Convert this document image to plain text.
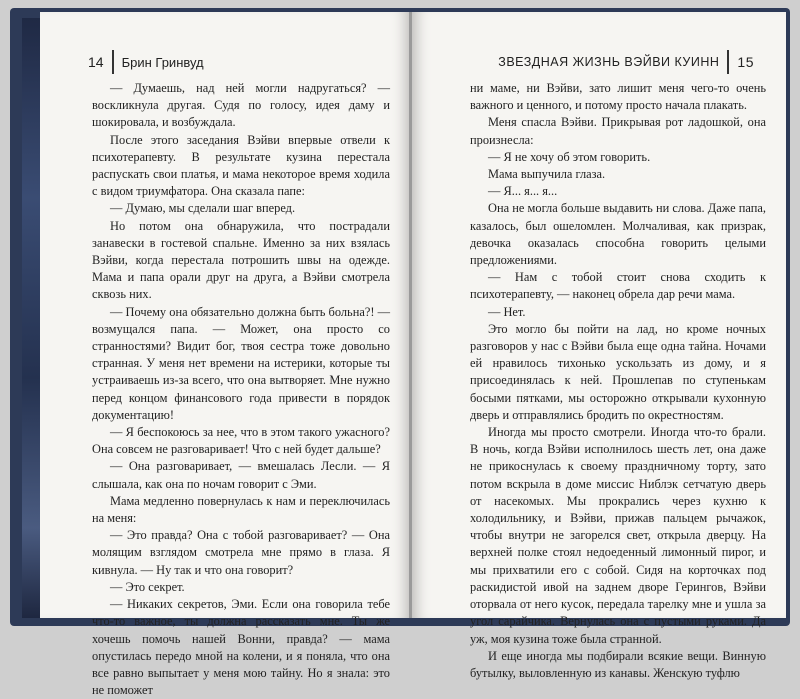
14 Брин Гринвуд

— Думаешь, над ней могли надругаться? — воскликнула другая. Судя по голосу, идея даму и шокировала, и возбуждала.

После этого заседания Вэйви впервые отвели к психотерапевту. В результате кузина перестала распускать свои платья, и мама некоторое время ходила с видом триумфатора. Она сказала папе:

— Думаю, мы сделали шаг вперед.

Но потом она обнаружила, что пострадали занавески в гостевой спальне. Именно за них взялась Вэйви, когда перестала потрошить швы на одежде. Мама и папа орали друг на друга, а Вэйви смотрела сквозь них.

— Почему она обязательно должна быть больна?! — возмущался папа. — Может, она просто со странностями? Видит бог, твоя сестра тоже довольно странная. У меня нет времени на истерики, которые ты устраиваешь из-за всего, что она вытворяет. Мне нужно перед концом финансового года привести в порядок документацию!

— Я беспокоюсь за нее, что в этом такого ужасного? Она совсем не разговаривает! Что с ней будет дальше?

— Она разговаривает, — вмешалась Лесли. — Я слышала, как она по ночам говорит с Эми.

Мама медленно повернулась к нам и переключилась на меня:

— Это правда? Она с тобой разговаривает? — Она молящим взглядом смотрела мне прямо в глаза. Я кивнула. — Ну так и что она говорит?

— Это секрет.

— Никаких секретов, Эми. Если она говорила тебе что-то важное, ты должна рассказать мне. Ты же хочешь помочь нашей Вонни, правда? — мама опустилась передо мной на колени, и я поняла, что она все равно выпытает у меня мою тайну. Но я знала: это не поможет

ЗВЕЗДНАЯ ЖИЗНЬ ВЭЙВИ КУИНН 15

ни маме, ни Вэйви, зато лишит меня чего-то очень важного и ценного, и потому просто начала плакать.

Меня спасла Вэйви. Прикрывая рот ладошкой, она произнесла:

— Я не хочу об этом говорить.

Мама выпучила глаза.

— Я... я... я...

Она не могла больше выдавить ни слова. Даже папа, казалось, был ошеломлен. Молчаливая, как призрак, девочка оказалась способна говорить целыми предложениями.

— Нам с тобой стоит снова сходить к психотерапевту, — наконец обрела дар речи мама.

— Нет.

Это могло бы пойти на лад, но кроме ночных разговоров у нас с Вэйви была еще одна тайна. Ночами ей нравилось тихонько ускользать из дому, и я присоединялась к ней. Прошлепав по ступенькам босыми пятками, мы осторожно открывали кухонную дверь и отправлялись бродить по окрестностям.

Иногда мы просто смотрели. Иногда что-то брали. В ночь, когда Вэйви исполнилось шесть лет, она даже не прикоснулась к своему праздничному торту, зато потом вскрыла в доме миссис Ниблэк сетчатую дверь от насекомых. Мы прокрались через кухню к холодильнику, и Вэйви, прижав пальцем рычажок, чтобы внутри не загорелся свет, открыла дверцу. На верхней полке стоял недоеденный лимонный пирог, и мы прихватили его с собой. Сидя на корточках под раскидистой ивой на заднем дворе Герингов, Вэйви оторвала от него кусок, передала тарелку мне и ушла за угол сарайчика. Вернулась она с пустыми руками. Да уж, моя кузина тоже была странной.

И еще иногда мы подбирали всякие вещи. Винную бутылку, выловленную из канавы. Женскую туфлю
